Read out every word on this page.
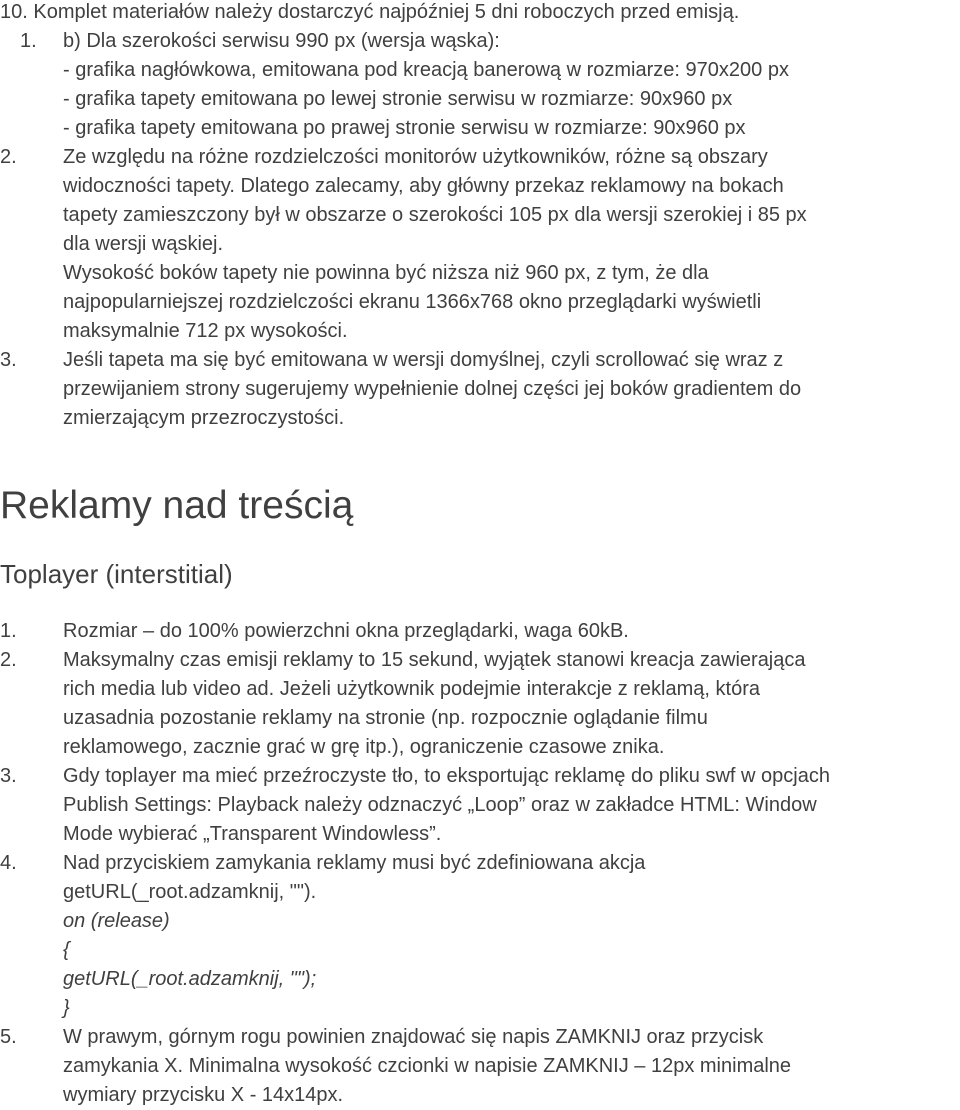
10. Komplet materiałów należy dostarczyć najpóźniej 5 dni roboczych przed emisją.
1. b) Dla szerokości serwisu 990 px (wersja wąska):
- grafika nagłówkowa, emitowana pod kreacją banerową w rozmiarze: 970x200 px
- grafika tapety emitowana po lewej stronie serwisu w rozmiarze: 90x960 px
- grafika tapety emitowana po prawej stronie serwisu w rozmiarze: 90x960 px
2. Ze względu na różne rozdzielczości monitorów użytkowników, różne są obszary
widoczności tapety. Dlatego zalecamy, aby główny przekaz reklamowy na bokach
tapety zamieszczony był w obszarze o szerokości 105 px dla wersji szerokiej i 85 px
dla wersji wąskiej.
Wysokość boków tapety nie powinna być niższa niż 960 px, z tym, że dla
najpopularniejszej rozdzielczości ekranu 1366x768 okno przeglądarki wyświetli
maksymalnie 712 px wysokości.
3. Jeśli tapeta ma się być emitowana w wersji domyślnej, czyli scrollować się wraz z
przewijaniem strony sugerujemy wypełnienie dolnej części jej boków gradientem do
zmierzającym przezroczystości.
Reklamy nad treścią
Toplayer (interstitial)
1. Rozmiar – do 100% powierzchni okna przeglądarki, waga 60kB.
2. Maksymalny czas emisji reklamy to 15 sekund, wyjątek stanowi kreacja zawierająca
rich media lub video ad. Jeżeli użytkownik podejmie interakcje z reklamą, która
uzasadnia pozostanie reklamy na stronie (np. rozpocznie oglądanie filmu
reklamowego, zacznie grać w grę itp.), ograniczenie czasowe znika.
3. Gdy toplayer ma mieć przeźroczyste tło, to eksportując reklamę do pliku swf w opcjach
Publish Settings: Playback należy odznaczyć „Loop” oraz w zakładce HTML: Window
Mode wybierać „Transparent Windowless”.
4. Nad przyciskiem zamykania reklamy musi być zdefiniowana akcja
getURL(_root.adzamknij, "").
on (release)
{
getURL(_root.adzamknij, "");
}
5. W prawym, górnym rogu powinien znajdować się napis ZAMKNIJ oraz przycisk
zamykania X. Minimalna wysokość czcionki w napisie ZAMKNIJ – 12px minimalne
wymiary przycisku X - 14x14px.
